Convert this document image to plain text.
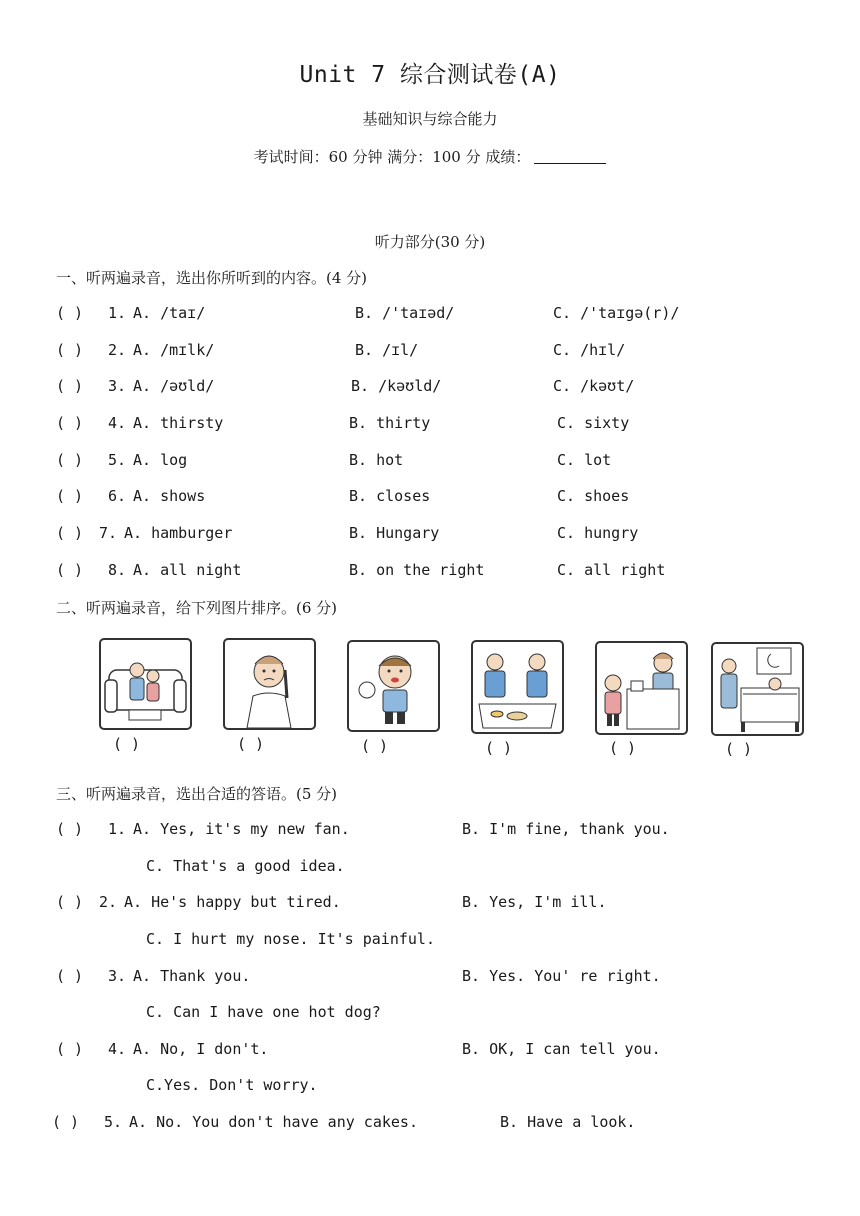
Unit 7 综合测试卷(A)
基础知识与综合能力
考试时间：60 分钟 满分：100 分 成绩：
听力部分(30 分)
一、听两遍录音，选出你所听到的内容。(4 分)
( ) 1. A. /taɪ/	B. /'taɪəd/	C. /'taɪgə(r)/
( ) 2. A. /mɪlk/	B. /ɪl/	C. /hɪl/
( ) 3. A. /əʊld/	B. /kəʊld/	C. /kəʊt/
( ) 4. A. thirsty	B. thirty	C. sixty
( ) 5. A. log	B. hot	C. lot
( ) 6. A. shows	B. closes	C. shoes
( ) 7. A. hamburger	B. Hungary	C. hungry
( ) 8. A. all night	B. on the right	C. all right
二、听两遍录音，给下列图片排序。(6 分)
( )	( )	( )	( )	( )	( )
三、听两遍录音，选出合适的答语。(5 分)
( ) 1. A. Yes, it's my new fan.	B. I'm fine, thank you.
C. That's a good idea.
( ) 2. A. He's happy but tired.	B. Yes, I'm ill.
C. I hurt my nose. It's painful.
( ) 3. A. Thank you.	B. Yes. You' re right.
C. Can I have one hot dog?
( ) 4. A. No, I don't.	B. OK, I can tell you.
C.Yes. Don't worry.
( ) 5. A. No. You don't have any cakes.	B. Have a look.
